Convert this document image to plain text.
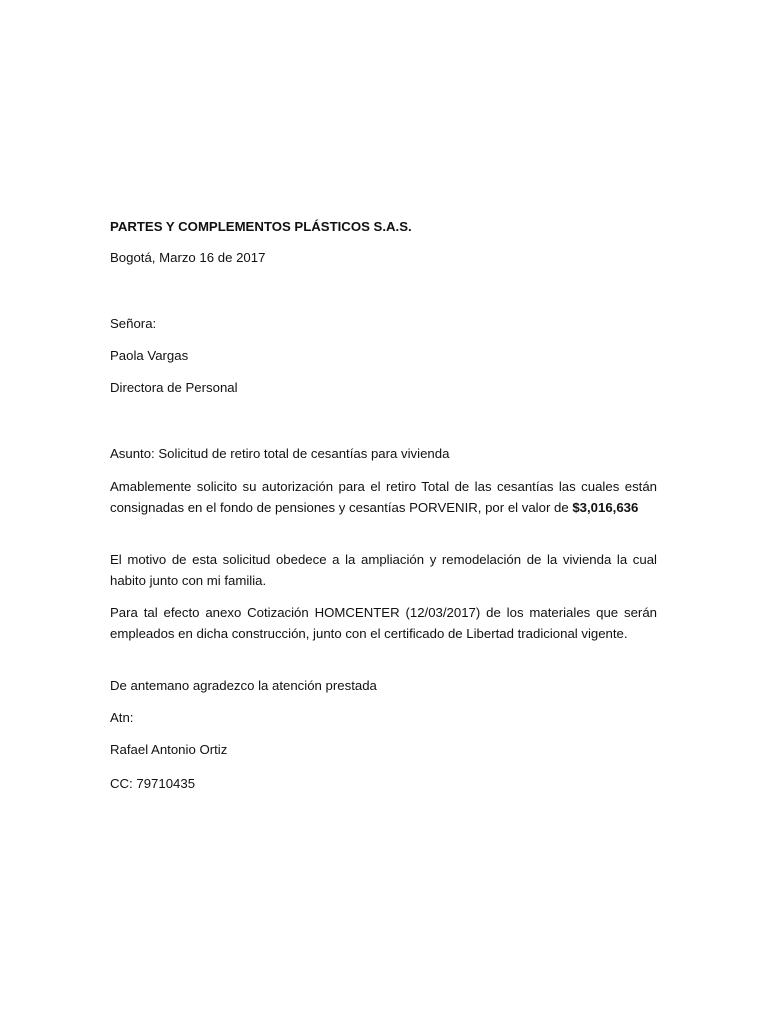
PARTES Y COMPLEMENTOS PLÁSTICOS S.A.S.

Bogotá, Marzo 16 de 2017

Señora:

Paola Vargas

Directora de Personal

Asunto: Solicitud de retiro total de cesantías para vivienda

Amablemente solicito su autorización para el retiro Total de las cesantías las cuales están consignadas en el fondo de pensiones y cesantías PORVENIR, por el valor de $3,016,636

El motivo de esta solicitud obedece a la ampliación y remodelación de la vivienda la cual habito junto con mi familia.

Para tal efecto anexo Cotización HOMCENTER (12/03/2017) de los materiales que serán empleados en dicha construcción, junto con el certificado de Libertad tradicional vigente.

De antemano agradezco la atención prestada

Atn:

Rafael Antonio Ortiz

CC: 79710435
